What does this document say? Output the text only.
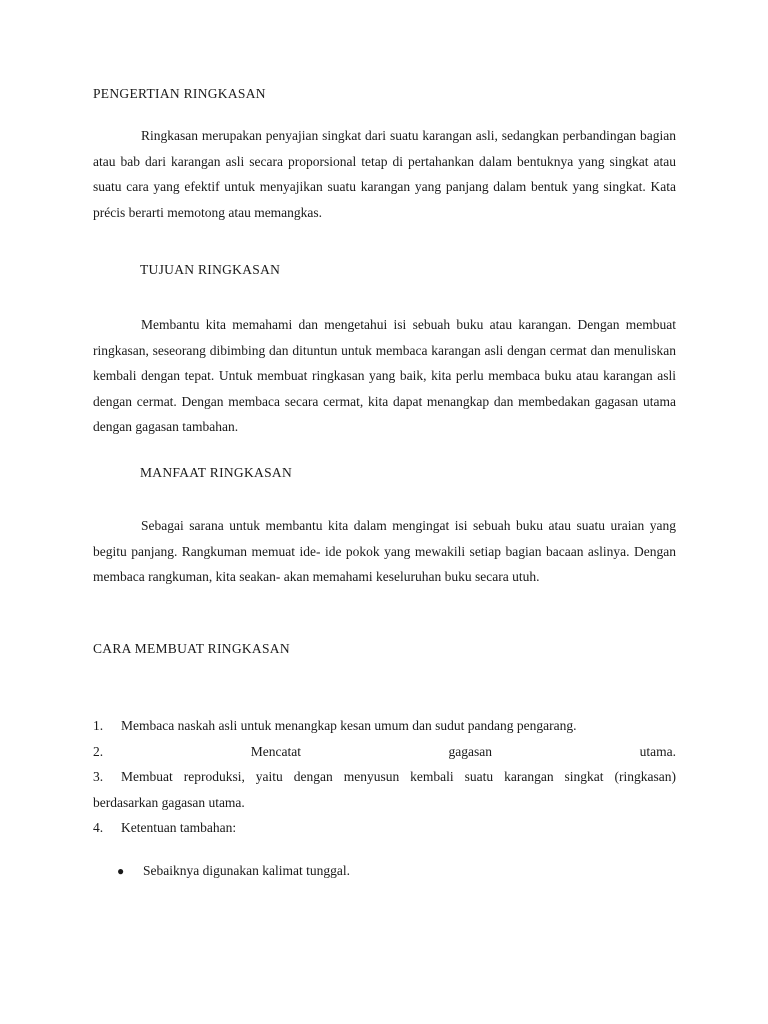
PENGERTIAN RINGKASAN

Ringkasan merupakan penyajian singkat dari suatu karangan asli, sedangkan perbandingan bagian atau bab dari karangan asli secara proporsional tetap di pertahankan dalam bentuknya yang singkat atau suatu cara yang efektif untuk menyajikan suatu karangan yang panjang dalam bentuk yang singkat. Kata précis berarti memotong atau memangkas.

TUJUAN RINGKASAN

Membantu kita memahami dan mengetahui isi sebuah buku atau karangan. Dengan membuat ringkasan, seseorang dibimbing dan dituntun untuk membaca karangan asli dengan cermat dan menuliskan kembali dengan tepat. Untuk membuat ringkasan yang baik, kita perlu membaca buku atau karangan asli dengan cermat. Dengan membaca secara cermat, kita dapat menangkap dan membedakan gagasan utama dengan gagasan tambahan.

MANFAAT RINGKASAN

Sebagai sarana untuk membantu kita dalam mengingat isi sebuah buku atau suatu uraian yang begitu panjang. Rangkuman memuat ide- ide pokok yang mewakili setiap bagian bacaan aslinya. Dengan membaca rangkuman, kita seakan- akan memahami keseluruhan buku secara utuh.

CARA MEMBUAT RINGKASAN
1. Membaca naskah asli untuk menangkap kesan umum dan sudut pandang pengarang.
2.	Mencatat gagasan utama.
3. Membuat reproduksi, yaitu dengan menyusun kembali suatu karangan singkat (ringkasan) berdasarkan gagasan utama.
4. Ketentuan tambahan:
● Sebaiknya digunakan kalimat tunggal.
